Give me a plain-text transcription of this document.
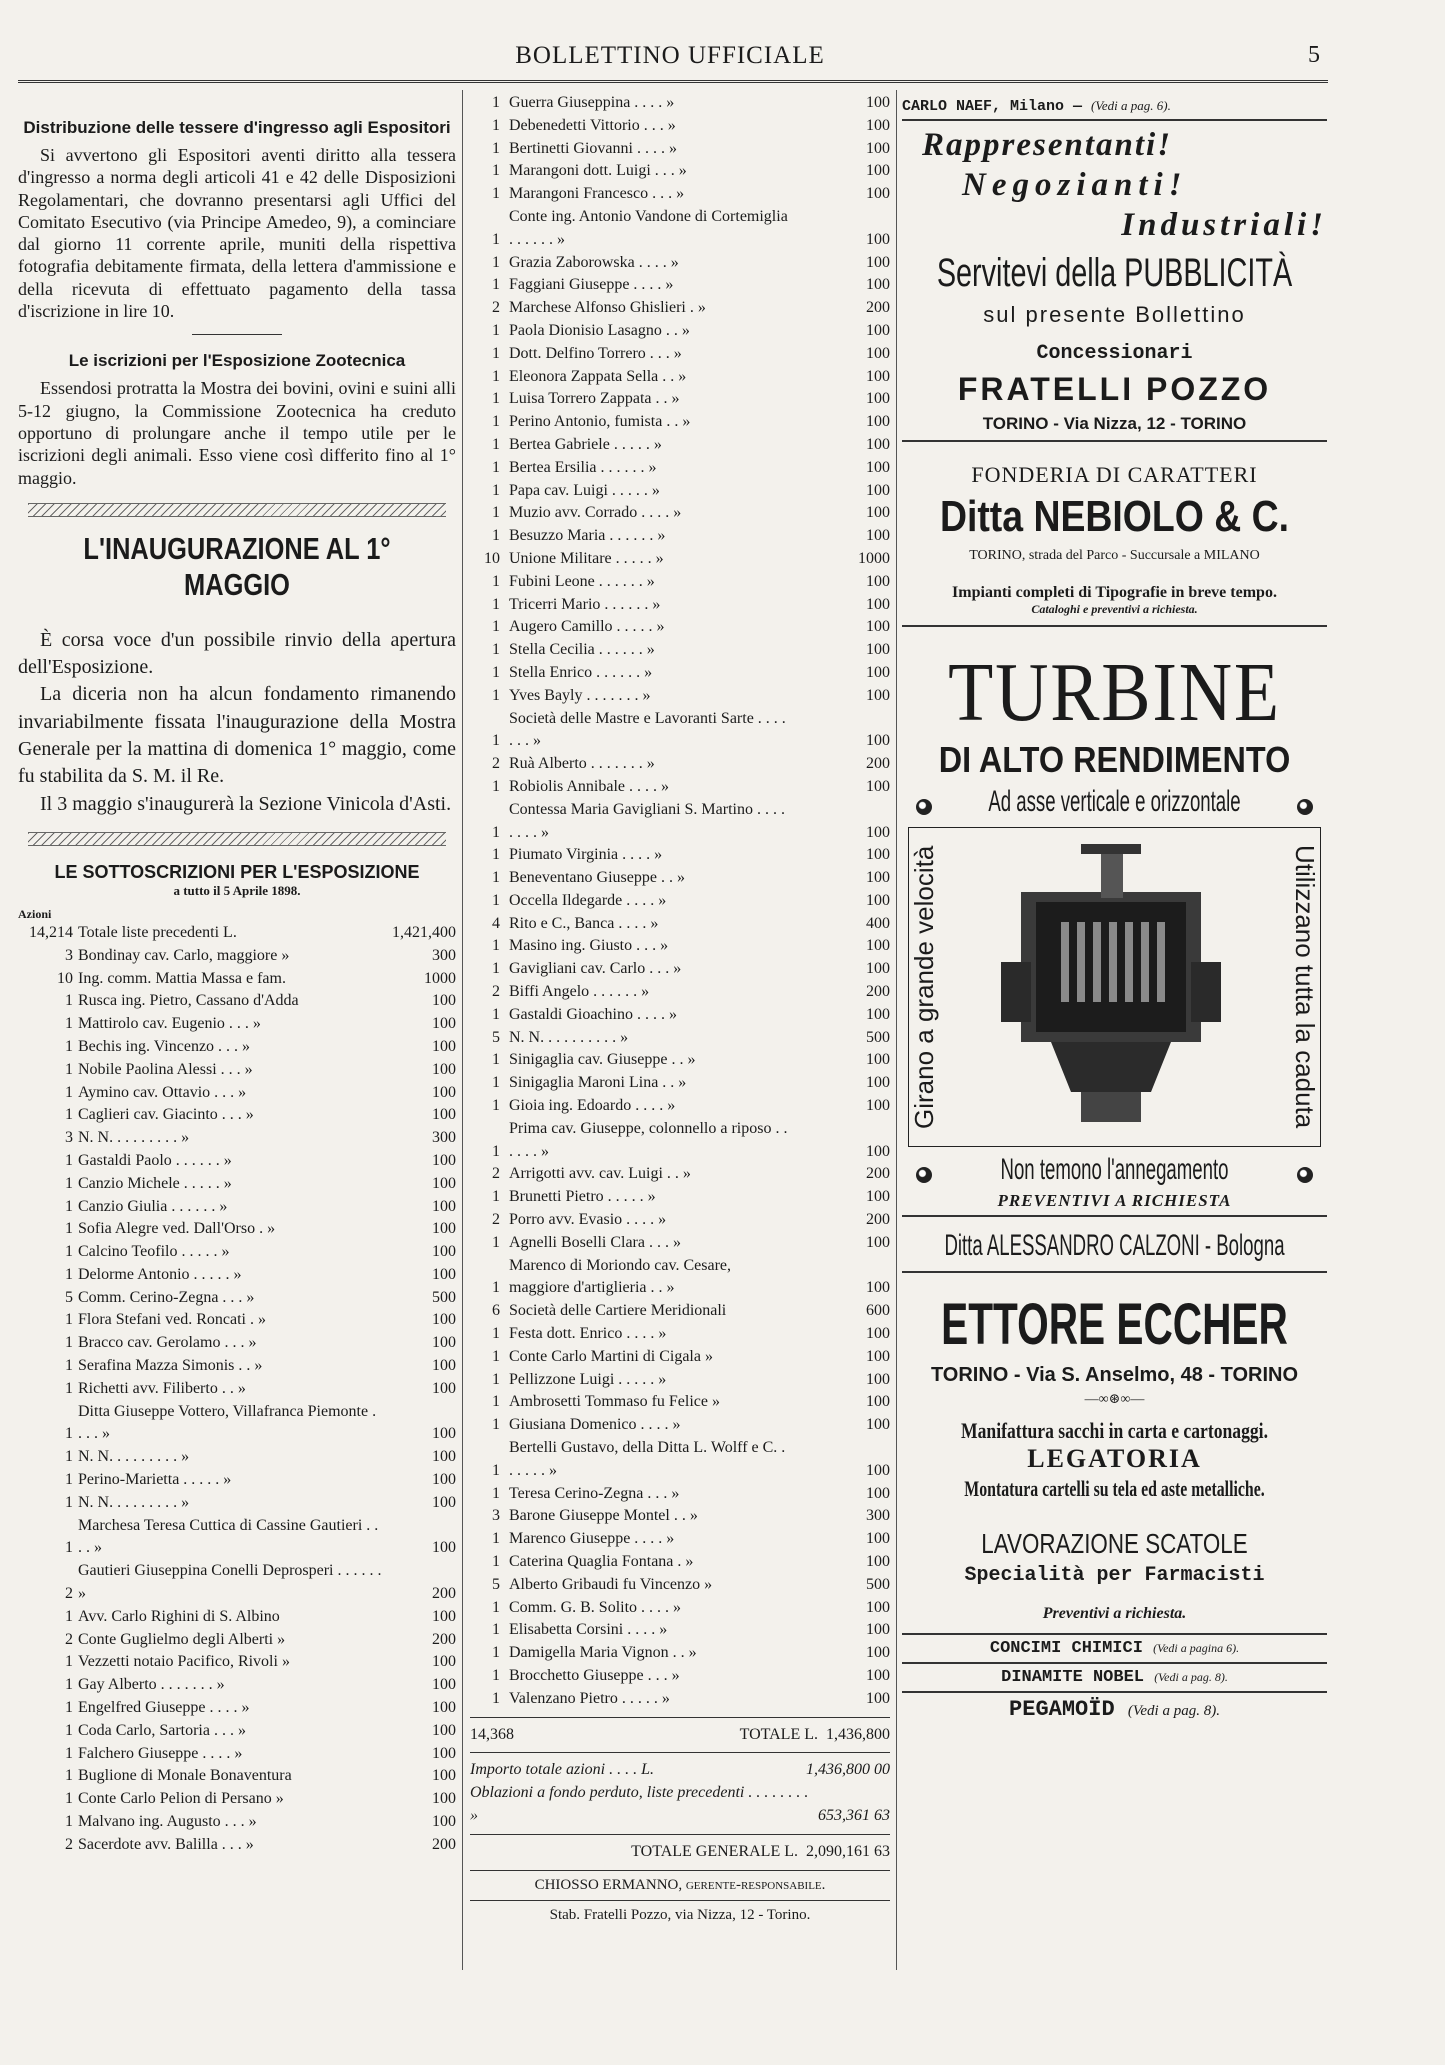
BOLLETTINO UFFICIALE	5
Distribuzione delle tessere d'ingresso agli Espositori

Si avvertono gli Espositori aventi diritto alla tessera d'ingresso a norma degli articoli 41 e 42 delle Disposizioni Regolamentari, che dovranno presentarsi agli Uffici del Comitato Esecutivo (via Principe Amedeo, 9), a cominciare dal giorno 11 corrente aprile, muniti della rispettiva fotografia debitamente firmata, della lettera d'ammissione e della ricevuta di effettuato pagamento della tassa d'iscrizione in lire 10.

Le iscrizioni per l'Esposizione Zootecnica

Essendosi protratta la Mostra dei bovini, ovini e suini alli 5-12 giugno, la Commissione Zootecnica ha creduto opportuno di prolungare anche il tempo utile per le iscrizioni degli animali. Esso viene così differito fino al 1° maggio.

L'INAUGURAZIONE AL 1° MAGGIO

È corsa voce d'un possibile rinvio della apertura dell'Esposizione.

La diceria non ha alcun fondamento rimanendo invariabilmente fissata l'inaugurazione della Mostra Generale per la mattina di domenica 1° maggio, come fu stabilita da S. M. il Re.

Il 3 maggio s'inaugurerà la Sezione Vinicola d'Asti.

LE SOTTOSCRIZIONI PER L'ESPOSIZIONE
a tutto il 5 Aprile 1898.
Azioni
14,214 Totale liste precedenti L.	1,421,400
3 Bondinay cav. Carlo, maggiore »	300
10 Ing. comm. Mattia Massa e fam.	1000
1 Rusca ing. Pietro, Cassano d'Adda	100
1 Mattirolo cav. Eugenio . . . »	100
1 Bechis ing. Vincenzo . . . »	100
1 Nobile Paolina Alessi . . . »	100
1 Aymino cav. Ottavio . . . »	100
1 Caglieri cav. Giacinto . . . »	100
3 N. N. . . . . . . . . »	300
1 Gastaldi Paolo . . . . . . »	100
1 Canzio Michele . . . . . »	100
1 Canzio Giulia . . . . . . »	100
1 Sofia Alegre ved. Dall'Orso . »	100
1 Calcino Teofilo . . . . . »	100
1 Delorme Antonio . . . . . »	100
5 Comm. Cerino-Zegna . . . »	500
1 Flora Stefani ved. Roncati . »	100
1 Bracco cav. Gerolamo . . . »	100
1 Serafina Mazza Simonis . . »	100
1 Richetti avv. Filiberto . . »	100
1
Ditta Giuseppe Vottero, Villafranca Piemonte . . . . »	100
1 N. N. . . . . . . . . »	100
1 Perino-Marietta . . . . . »	100
1 N. N. . . . . . . . . »	100
1
Marchesa Teresa Cuttica di Cassine Gautieri . . . . »	100
2
Gautieri Giuseppina Conelli Deprosperi . . . . . . »	200
1 Avv. Carlo Righini di S. Albino	100
2 Conte Guglielmo degli Alberti »	200
1 Vezzetti notaio Pacifico, Rivoli »	100
1 Gay Alberto . . . . . . . »	100
1 Engelfred Giuseppe . . . . »	100
1 Coda Carlo, Sartoria . . . »	100
1 Falchero Giuseppe . . . . »	100
1 Buglione di Monale Bonaventura	100
1 Conte Carlo Pelion di Persano »	100
1 Malvano ing. Augusto . . . »	100
2 Sacerdote avv. Balilla . . . »	200
1 Guerra Giuseppina . . . . »	100
1 Debenedetti Vittorio . . . »	100
1 Bertinetti Giovanni . . . . »	100
1 Marangoni dott. Luigi . . . »	100
1 Marangoni Francesco . . . »	100
1
Conte ing. Antonio Vandone di Cortemiglia . . . . . . »	100
1 Grazia Zaborowska . . . . »	100
1 Faggiani Giuseppe . . . . »	100
2 Marchese Alfonso Ghislieri . »	200
1 Paola Dionisio Lasagno . . »	100
1 Dott. Delfino Torrero . . . »	100
1 Eleonora Zappata Sella . . »	100
1 Luisa Torrero Zappata . . »	100
1 Perino Antonio, fumista . . »	100
1 Bertea Gabriele . . . . . »	100
1 Bertea Ersilia . . . . . . »	100
1 Papa cav. Luigi . . . . . »	100
1 Muzio avv. Corrado . . . . »	100
1 Besuzzo Maria . . . . . . »	100
10 Unione Militare . . . . . »	1000
1 Fubini Leone . . . . . . »	100
1 Tricerri Mario . . . . . . »	100
1 Augero Camillo . . . . . »	100
1 Stella Cecilia . . . . . . »	100
1 Stella Enrico . . . . . . »	100
1 Yves Bayly . . . . . . . »	100
1
Società delle Mastre e Lavoranti Sarte . . . . . . . »	100
2 Ruà Alberto . . . . . . . »	200
1 Robiolis Annibale . . . . »	100
1
Contessa Maria Gavigliani S. Martino . . . . . . . . »	100
1 Piumato Virginia . . . . »	100
1 Beneventano Giuseppe . . »	100
1 Occella Ildegarde . . . . »	100
4 Rito e C., Banca . . . . »	400
1 Masino ing. Giusto . . . »	100
1 Gavigliani cav. Carlo . . . »	100
2 Biffi Angelo . . . . . . »	200
1 Gastaldi Gioachino . . . . »	100
5 N. N. . . . . . . . . . »	500
1 Sinigaglia cav. Giuseppe . . »	100
1 Sinigaglia Maroni Lina . . »	100
1 Gioia ing. Edoardo . . . . »	100
1
Prima cav. Giuseppe, colonnello a riposo . . . . . . »	100
2 Arrigotti avv. cav. Luigi . . »	200
1 Brunetti Pietro . . . . . »	100
2 Porro avv. Evasio . . . . »	200
1 Agnelli Boselli Clara . . . »	100
1
Marenco di Moriondo cav. Cesare, maggiore d'artiglieria . . »	100
6 Società delle Cartiere Meridionali	600
1 Festa dott. Enrico . . . . »	100
1 Conte Carlo Martini di Cigala »	100
1 Pellizzone Luigi . . . . . »	100
1 Ambrosetti Tommaso fu Felice »	100
1 Giusiana Domenico . . . . »	100
1
Bertelli Gustavo, della Ditta L. Wolff e C. . . . . . . »	100
1 Teresa Cerino-Zegna . . . »	100
3 Barone Giuseppe Montel . . »	300
1 Marenco Giuseppe . . . . »	100
1 Caterina Quaglia Fontana . »	100
5 Alberto Gribaudi fu Vincenzo »	500
1 Comm. G. B. Solito . . . . »	100
1 Elisabetta Corsini . . . . »	100
1 Damigella Maria Vignon . . »	100
1 Brocchetto Giuseppe . . . »	100
1 Valenzano Pietro . . . . . »	100
14,368	TOTALE L. 1,436,800
Importo totale azioni . . . . L.	1,436,800 00
Oblazioni a fondo perduto, liste precedenti . . . . . . . . »	653,361 63
TOTALE GENERALE L. 2,090,161 63
CHIOSSO ERMANNO, gerente-responsabile.
Stab. Fratelli Pozzo, via Nizza, 12 - Torino.
CARLO NAEF, Milano — (Vedi a pag. 6).
Rappresentanti!
Negozianti!
Industriali!
Servitevi della PUBBLICITÀ
sul presente Bollettino
Concessionari
FRATELLI POZZO
TORINO - Via Nizza, 12 - TORINO
FONDERIA DI CARATTERI
Ditta NEBIOLO & C.
TORINO, strada del Parco - Succursale a MILANO
Impianti completi di Tipografie in breve tempo.
Cataloghi e preventivi a richiesta.
TURBINE
DI ALTO RENDIMENTO
Ad asse verticale e orizzontale
Girano a grande velocità	Utilizzano tutta la caduta
Non temono l'annegamento
PREVENTIVI A RICHIESTA
Ditta ALESSANDRO CALZONI - Bologna
ETTORE ECCHER
TORINO - Via S. Anselmo, 48 - TORINO
—∞⊛∞—
Manifattura sacchi in carta e cartonaggi.
LEGATORIA
Montatura cartelli su tela ed aste metalliche.
LAVORAZIONE SCATOLE
Specialità per Farmacisti
Preventivi a richiesta.
CONCIMI CHIMICI (Vedi a pagina 6).
DINAMITE NOBEL (Vedi a pag. 8).
PEGAMOÏD (Vedi a pag. 8).
